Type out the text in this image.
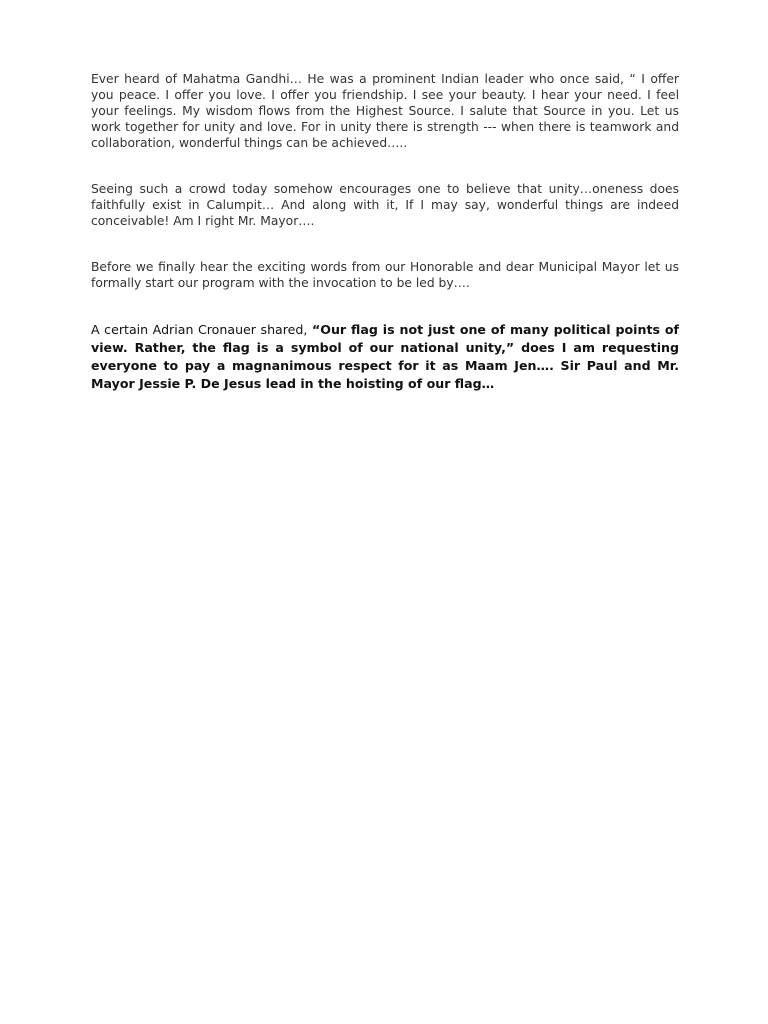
Ever heard of Mahatma Gandhi… He was a prominent Indian leader who once said, “ I offer you peace. I offer you love. I offer you friendship. I see your beauty. I hear your need. I feel your feelings. My wisdom flows from the Highest Source. I salute that Source in you. Let us work together for unity and love. For in unity there is strength --- when there is teamwork and collaboration, wonderful things can be achieved…..

Seeing such a crowd today somehow encourages one to believe that unity…oneness does faithfully exist in Calumpit… And along with it, If I may say, wonderful things are indeed conceivable! Am I right Mr. Mayor….

Before we finally hear the exciting words from our Honorable and dear Municipal Mayor let us formally start our program with the invocation to be led by….

A certain Adrian Cronauer shared, “Our flag is not just one of many political points of view. Rather, the flag is a symbol of our national unity,” does I am requesting everyone to pay a magnanimous respect for it as Maam Jen…. Sir Paul and Mr. Mayor Jessie P. De Jesus lead in the hoisting of our flag…
